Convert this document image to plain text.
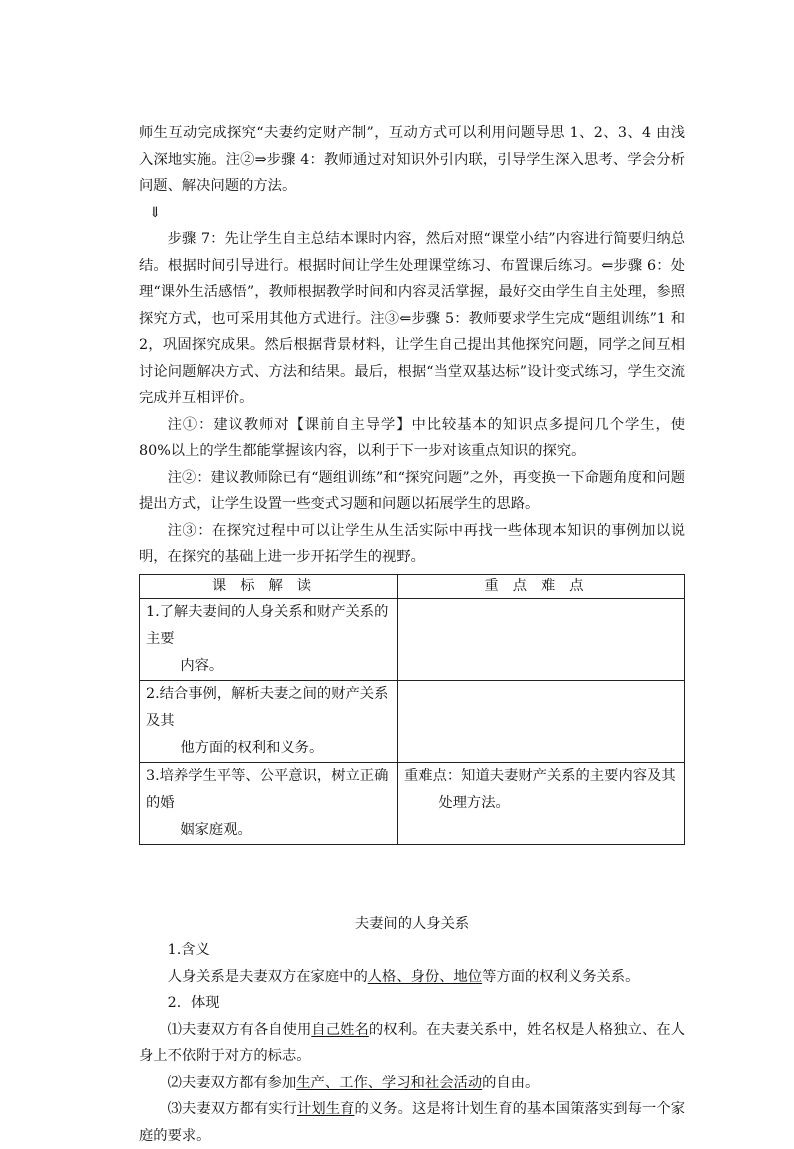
师生互动完成探究“夫妻约定财产制”，互动方式可以利用问题导思 1、2、3、4 由浅入深地实施。注②⇒步骤 4：教师通过对知识外引内联，引导学生深入思考、学会分析问题、解决问题的方法。

⇓

步骤 7：先让学生自主总结本课时内容，然后对照“课堂小结”内容进行简要归纳总结。根据时间引导进行。根据时间让学生处理课堂练习、布置课后练习。⇐步骤 6：处理“课外生活感悟”，教师根据教学时间和内容灵活掌握，最好交由学生自主处理，参照探究方式，也可采用其他方式进行。注③⇐步骤 5：教师要求学生完成“题组训练”1 和 2，巩固探究成果。然后根据背景材料，让学生自己提出其他探究问题，同学之间互相讨论问题解决方式、方法和结果。最后，根据“当堂双基达标”设计变式练习，学生交流完成并互相评价。

注①：建议教师对【课前自主导学】中比较基本的知识点多提问几个学生，使 80%以上的学生都能掌握该内容，以利于下一步对该重点知识的探究。

注②：建议教师除已有“题组训练”和“探究问题”之外，再变换一下命题角度和问题提出方式，让学生设置一些变式习题和问题以拓展学生的思路。

注③：在探究过程中可以让学生从生活实际中再找一些体现本知识的事例加以说明，在探究的基础上进一步开拓学生的视野。

课标解读	重点难点

1.了解夫妻间的人身关系和财产关系的主要
内容。	

2.结合事例，解析夫妻之间的财产关系及其
他方面的权利和义务。	

3.培养学生平等、公平意识，树立正确的婚
姻家庭观。	重难点：知道夫妻财产关系的主要内容及其
处理方法。

夫妻间的人身关系

1.含义

人身关系是夫妻双方在家庭中的人格、身份、地位等方面的权利义务关系。

2．体现

⑴夫妻双方有各自使用自己姓名的权利。在夫妻关系中，姓名权是人格独立、在人身上不依附于对方的标志。

⑵夫妻双方都有参加生产、工作、学习和社会活动的自由。

⑶夫妻双方都有实行计划生育的义务。这是将计划生育的基本国策落实到每一个家庭的要求。
